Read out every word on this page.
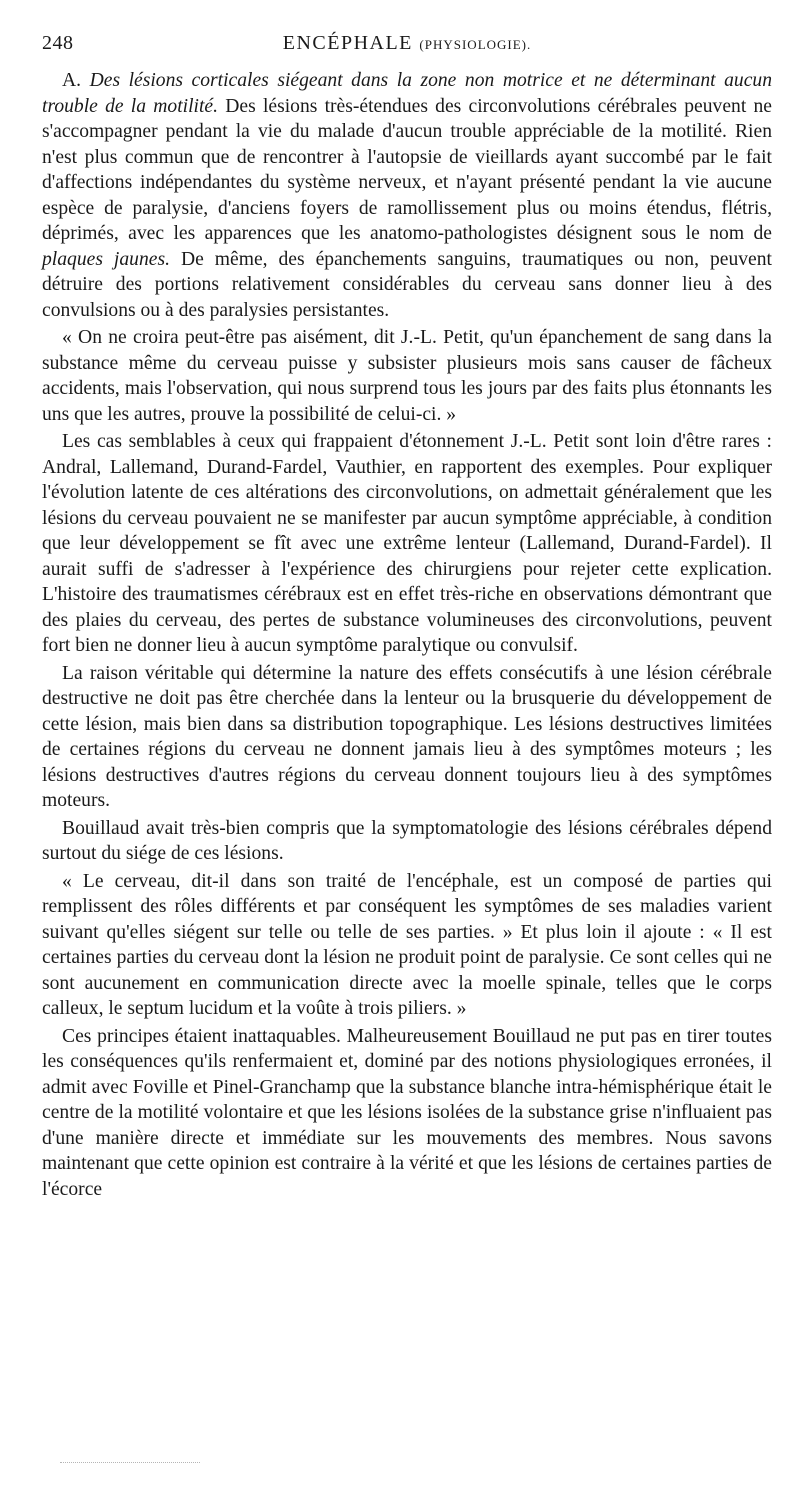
248	ENCÉPHALE (PHYSIOLOGIE).

A. Des lésions corticales siégeant dans la zone non motrice et ne déterminant aucun trouble de la motilité. Des lésions très-étendues des circonvolutions cérébrales peuvent ne s'accompagner pendant la vie du malade d'aucun trouble appréciable de la motilité. Rien n'est plus commun que de rencontrer à l'autopsie de vieillards ayant succombé par le fait d'affections indépendantes du système nerveux, et n'ayant présenté pendant la vie aucune espèce de paralysie, d'anciens foyers de ramollissement plus ou moins étendus, flétris, déprimés, avec les apparences que les anatomo-pathologistes désignent sous le nom de plaques jaunes. De même, des épanchements sanguins, traumatiques ou non, peuvent détruire des portions relativement considérables du cerveau sans donner lieu à des convulsions ou à des paralysies persistantes.

« On ne croira peut-être pas aisément, dit J.-L. Petit, qu'un épanchement de sang dans la substance même du cerveau puisse y subsister plusieurs mois sans causer de fâcheux accidents, mais l'observation, qui nous surprend tous les jours par des faits plus étonnants les uns que les autres, prouve la possibilité de celui-ci. »

Les cas semblables à ceux qui frappaient d'étonnement J.-L. Petit sont loin d'être rares : Andral, Lallemand, Durand-Fardel, Vauthier, en rapportent des exemples. Pour expliquer l'évolution latente de ces altérations des circonvolutions, on admettait généralement que les lésions du cerveau pouvaient ne se manifester par aucun symptôme appréciable, à condition que leur développement se fît avec une extrême lenteur (Lallemand, Durand-Fardel). Il aurait suffi de s'adresser à l'expérience des chirurgiens pour rejeter cette explication. L'histoire des traumatismes cérébraux est en effet très-riche en observations démontrant que des plaies du cerveau, des pertes de substance volumineuses des circonvolutions, peuvent fort bien ne donner lieu à aucun symptôme paralytique ou convulsif.

La raison véritable qui détermine la nature des effets consécutifs à une lésion cérébrale destructive ne doit pas être cherchée dans la lenteur ou la brusquerie du développement de cette lésion, mais bien dans sa distribution topographique. Les lésions destructives limitées de certaines régions du cerveau ne donnent jamais lieu à des symptômes moteurs ; les lésions destructives d'autres régions du cerveau donnent toujours lieu à des symptômes moteurs.

Bouillaud avait très-bien compris que la symptomatologie des lésions cérébrales dépend surtout du siége de ces lésions.

« Le cerveau, dit-il dans son traité de l'encéphale, est un composé de parties qui remplissent des rôles différents et par conséquent les symptômes de ses maladies varient suivant qu'elles siégent sur telle ou telle de ses parties. » Et plus loin il ajoute : « Il est certaines parties du cerveau dont la lésion ne produit point de paralysie. Ce sont celles qui ne sont aucunement en communication directe avec la moelle spinale, telles que le corps calleux, le septum lucidum et la voûte à trois piliers. »

Ces principes étaient inattaquables. Malheureusement Bouillaud ne put pas en tirer toutes les conséquences qu'ils renfermaient et, dominé par des notions physiologiques erronées, il admit avec Foville et Pinel-Granchamp que la substance blanche intra-hémisphérique était le centre de la motilité volontaire et que les lésions isolées de la substance grise n'influaient pas d'une manière directe et immédiate sur les mouvements des membres. Nous savons maintenant que cette opinion est contraire à la vérité et que les lésions de certaines parties de l'écorce
